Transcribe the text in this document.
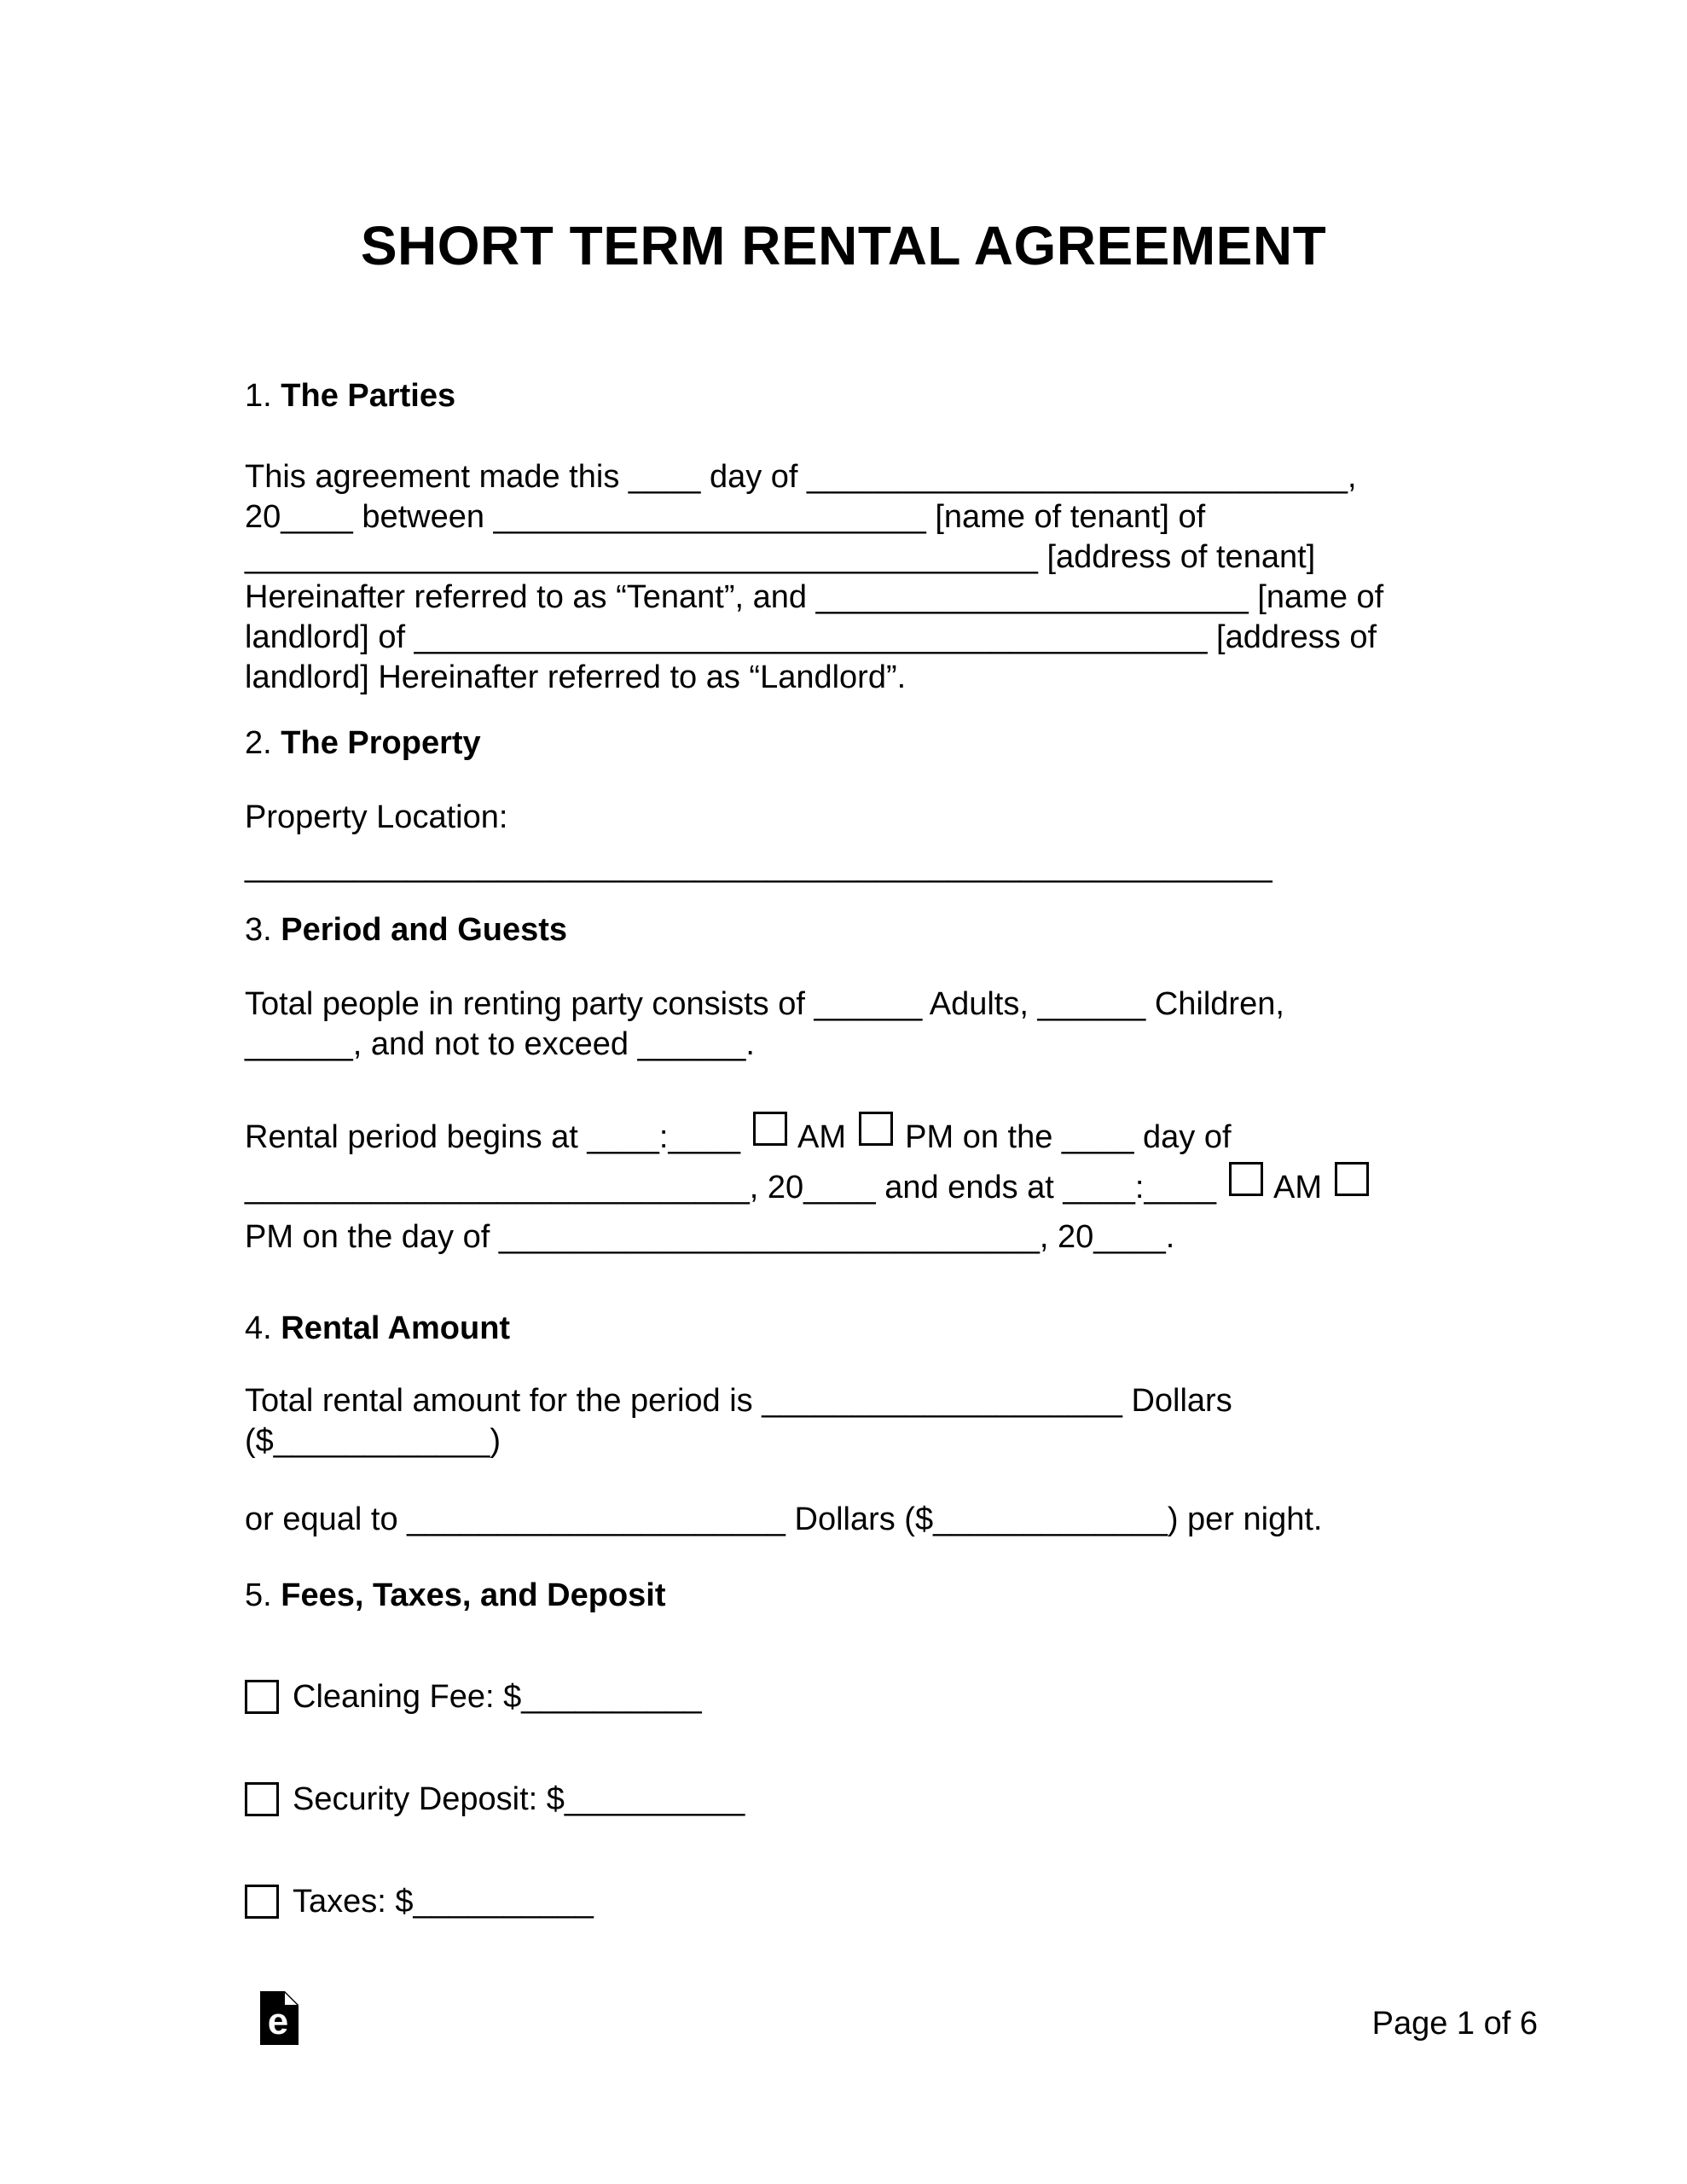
SHORT TERM RENTAL AGREEMENT
1. The Parties
This agreement made this ____ day of ______________________________,
20____ between ________________________ [name of tenant] of
____________________________________________ [address of tenant]
Hereinafter referred to as “Tenant”, and ________________________ [name of
landlord] of ____________________________________________ [address of
landlord] Hereinafter referred to as “Landlord”.
2. The Property
Property Location:
_________________________________________________________
3. Period and Guests
Total people in renting party consists of ______ Adults, ______ Children,
______, and not to exceed ______.
Rental period begins at ____:____  AM  PM on the ____ day of
____________________________, 20____ and ends at ____:____  AM
PM on the day of ______________________________, 20____.
4. Rental Amount
Total rental amount for the period is ____________________ Dollars
($____________)
or equal to _____________________ Dollars ($_____________) per night.
5. Fees, Taxes, and Deposit
Cleaning Fee: $__________
Security Deposit: $__________
Taxes: $__________
e	Page 1 of 6
